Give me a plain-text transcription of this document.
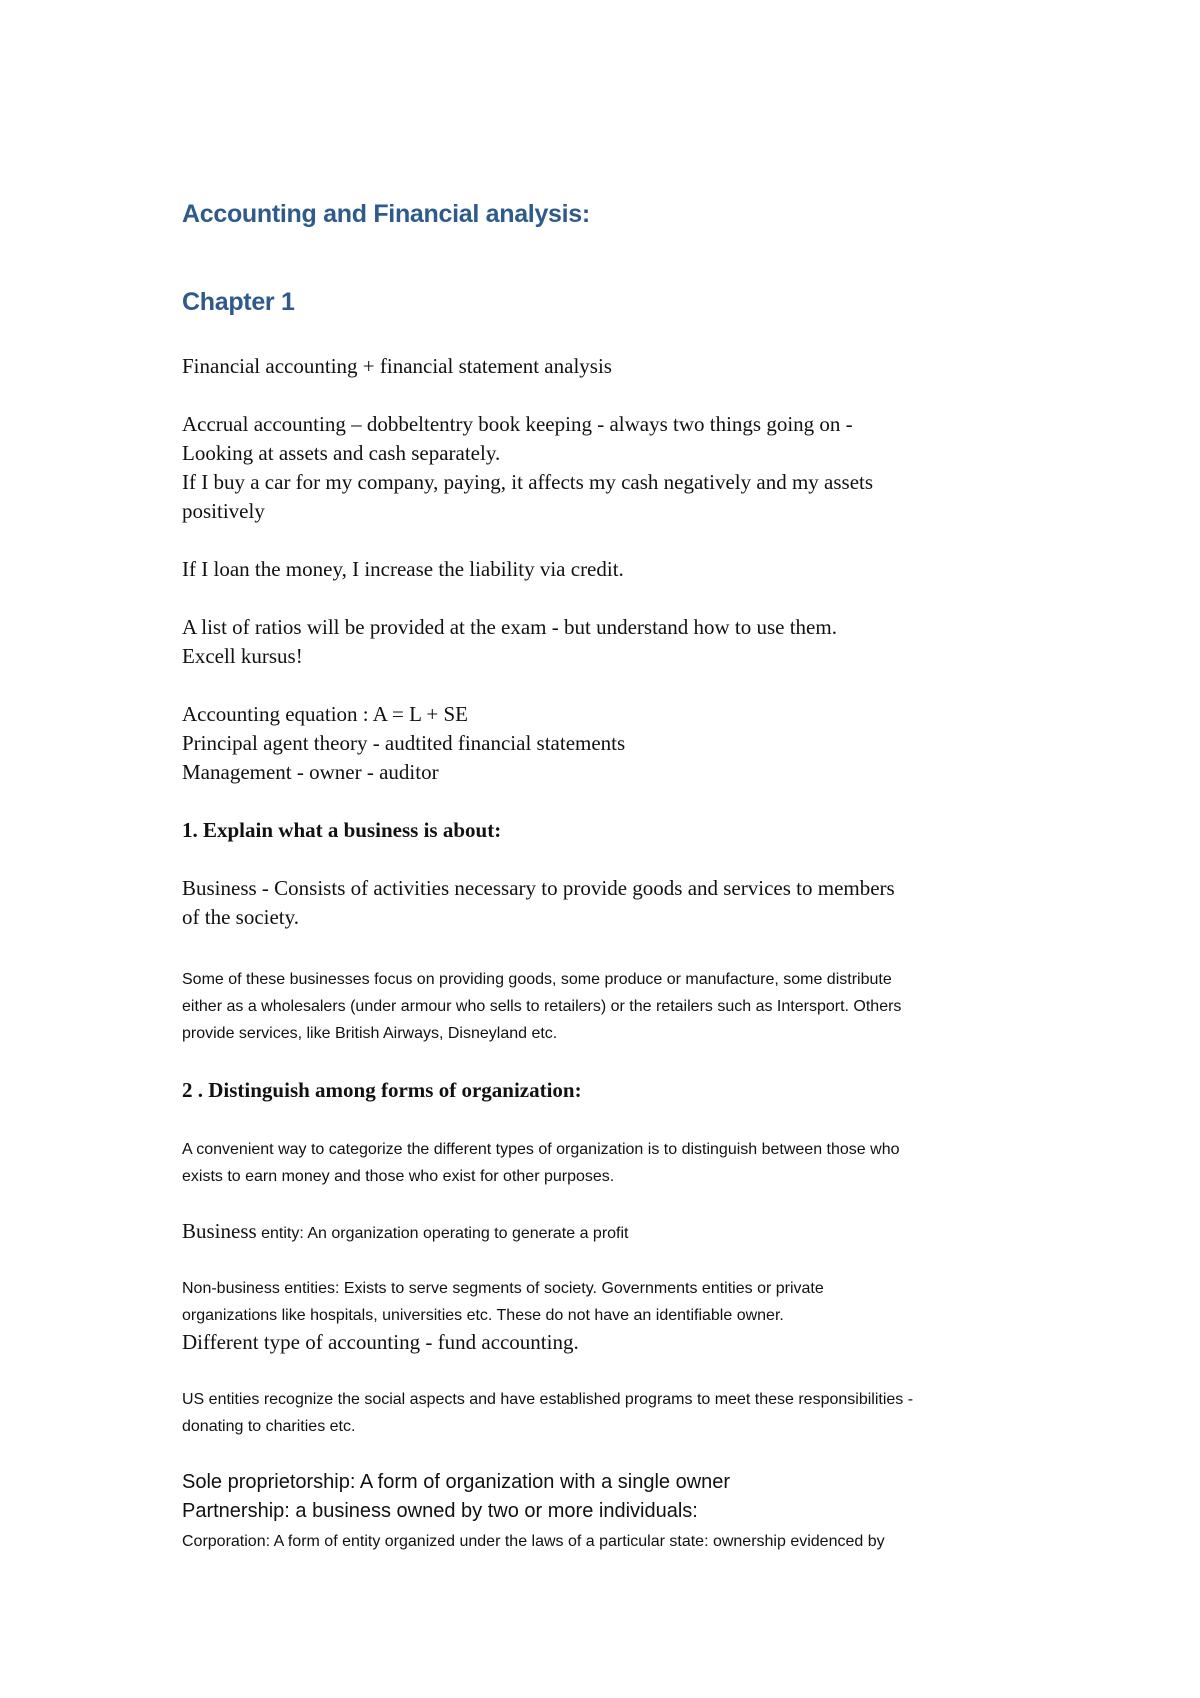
Accounting and Financial analysis:
Chapter 1

Financial accounting + financial statement analysis

Accrual accounting – dobbeltentry book keeping - always two things going on -

Looking at assets and cash separately.

If I buy a car for my company, paying, it affects my cash negatively and my assets

positively

If I loan the money, I increase the liability via credit.

A list of ratios will be provided at the exam - but understand how to use them.

Excell kursus!

Accounting equation : A = L + SE

Principal agent theory - audtited financial statements

Management - owner - auditor

1. Explain what a business is about:

Business - Consists of activities necessary to provide goods and services to members

of the society.

Some of these businesses focus on providing goods, some produce or manufacture, some distribute

either as a wholesalers (under armour who sells to retailers) or the retailers such as Intersport. Others

provide services, like British Airways, Disneyland etc.

2 . Distinguish among forms of organization:

A convenient way to categorize the different types of organization is to distinguish between those who

exists to earn money and those who exist for other purposes.

Business entity: An organization operating to generate a profit

Non-business entities: Exists to serve segments of society. Governments entities or private

organizations like hospitals, universities etc. These do not have an identifiable owner.

Different type of accounting - fund accounting.

US entities recognize the social aspects and have established programs to meet these responsibilities -

donating to charities etc.

Sole proprietorship: A form of organization with a single owner

Partnership: a business owned by two or more individuals:

Corporation: A form of entity organized under the laws of a particular state: ownership evidenced by
